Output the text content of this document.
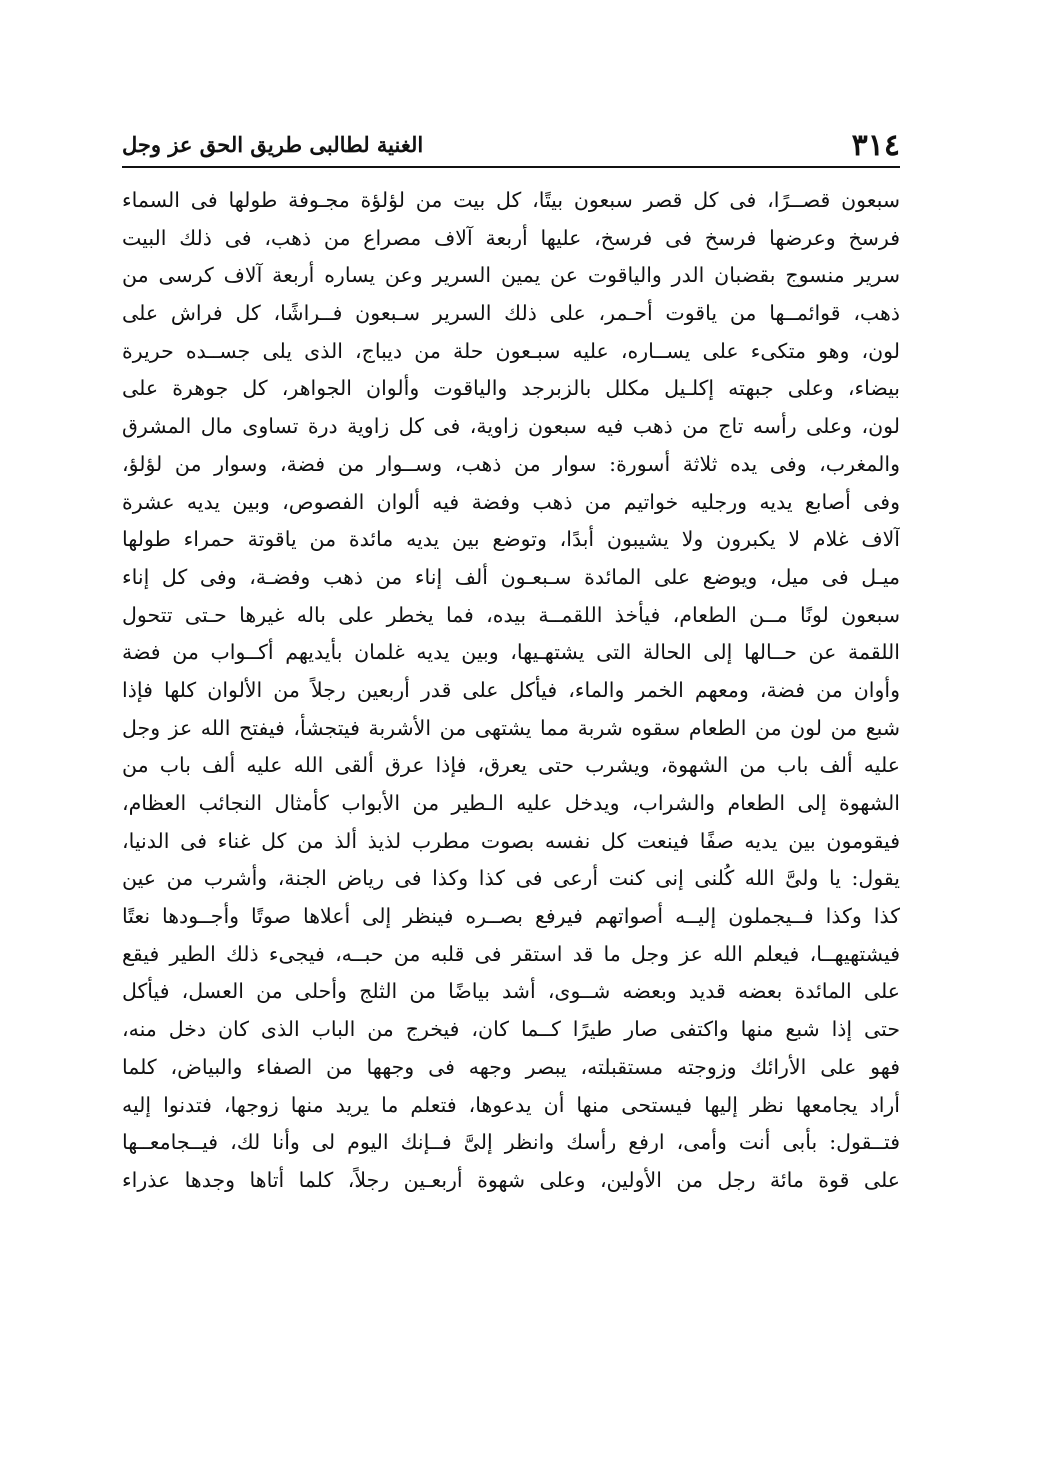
٣١٤
الغنية لطالبى طريق الحق عز وجل
سبعون قصــرًا، فى كل قصر سبعون بيتًا، كل بيت من لؤلؤة مجـوفة طولها فى السماء
فرسخ وعرضها فرسخ فى فرسخ، عليها أربعة آلاف مصراع من ذهب، فى ذلك البيت
سرير منسوج بقضبان الدر والياقوت عن يمين السرير وعن يساره أربعة آلاف كرسى من
ذهب، قوائمــها من ياقوت أحـمر، على ذلك السرير سـبعون فــراشًا، كل فراش على
لون، وهو متكىء على يســاره، عليه سبـعون حلة من ديباج، الذى يلى جســده حريرة
بيضاء، وعلى جبهته إكلـيل مكلل بالزبرجد والياقوت وألوان الجواهر، كل جوهرة على
لون، وعلى رأسه تاج من ذهب فيه سبعون زاوية، فى كل زاوية درة تساوى مال المشرق
والمغرب، وفى يده ثلاثة أسورة: سوار من ذهب، وســوار من فضة، وسوار من لؤلؤ،
وفى أصابع يديه ورجليه خواتيم من ذهب وفضة فيه ألوان الفصوص، وبين يديه عشرة
آلاف غلام لا يكبرون ولا يشيبون أبدًا، وتوضع بين يديه مائدة من ياقوتة حمراء طولها
ميـل فى ميل، ويوضع على المائدة سـبعـون ألف إناء من ذهب وفضـة، وفى كل إناء
سبعون لونًا مــن الطعام، فيأخذ اللقمــة بيده، فما يخطر على باله غيرها حـتى تتحول
اللقمة عن حــالها إلى الحالة التى يشتهـيها، وبين يديه غلمان بأيديهم أكــواب من فضة
وأوان من فضة، ومعهم الخمر والماء، فيأكل على قدر أربعين رجلاً من الألوان كلها فإذا
شبع من لون من الطعام سقوه شربة مما يشتهى من الأشربة فيتجشأ، فيفتح الله عز وجل
عليه ألف باب من الشهوة، ويشرب حتى يعرق، فإذا عرق ألقى الله عليه ألف باب من
الشهوة إلى الطعام والشراب، ويدخل عليه الـطير من الأبواب كأمثال النجائب العظام،
فيقومون بين يديه صفًا فينعت كل نفسه بصوت مطرب لذيذ ألذ من كل غناء فى الدنيا،
يقول: يا ولىَّ الله كُلنى إنى كنت أرعى فى كذا وكذا فى رياض الجنة، وأشرب من عين
كذا وكذا فــيجملون إليــه أصواتهم فيرفع بصــره فينظر إلى أعلاها صوتًا وأجــودها نعتًا
فيشتهيهــا، فيعلم الله عز وجل ما قد استقر فى قلبه من حبــه، فيجىء ذلك الطير فيقع
على المائدة بعضه قديد وبعضه شــوى، أشد بياضًا من الثلج وأحلى من العسل، فيأكل
حتى إذا شبع منها واكتفى صار طيرًا كــما كان، فيخرج من الباب الذى كان دخل منه،
فهو على الأرائك وزوجته مستقبلته، يبصر وجهه فى وجهها من الصفاء والبياض، كلما
أراد يجامعها نظر إليها فيستحى منها أن يدعوها، فتعلم ما يريد منها زوجها، فتدنوا إليه
فتــقول: بأبى أنت وأمى، ارفع رأسك وانظر إلىَّ فــإنك اليوم لى وأنا لك، فيــجامعــها
على قوة مائة رجل من الأولين، وعلى شهوة أربعـين رجلاً، كلما أتاها وجدها عذراء
